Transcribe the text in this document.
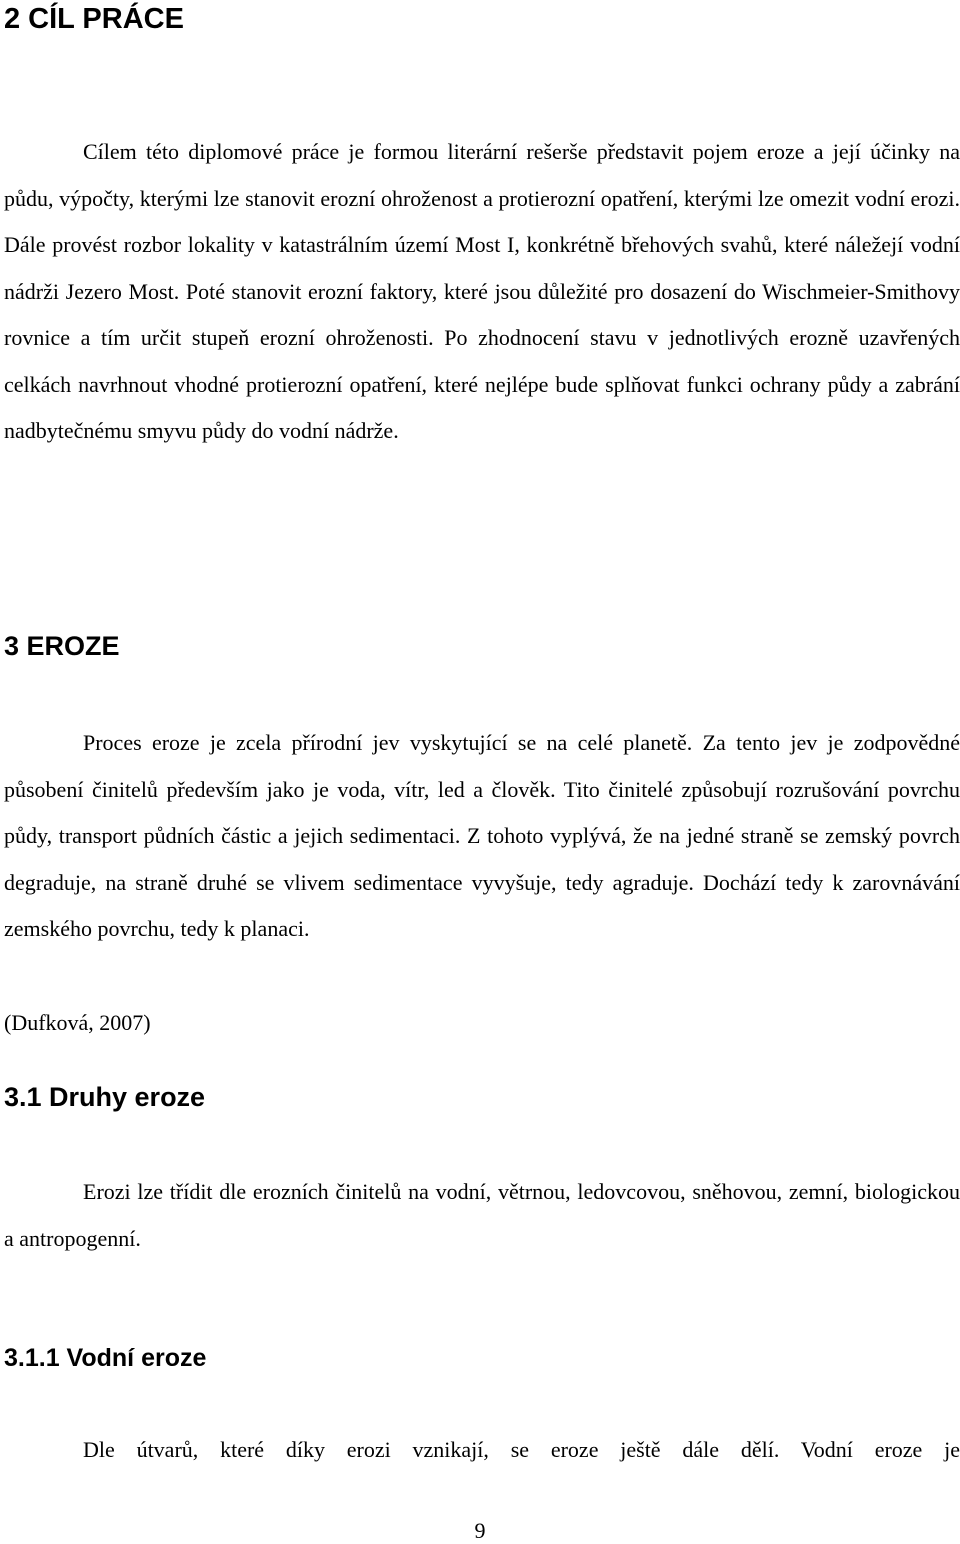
2 CÍL PRÁCE

Cílem této diplomové práce je formou literární rešerše představit pojem eroze a její účinky na půdu, výpočty, kterými lze stanovit erozní ohroženost a protierozní opatření, kterými lze omezit vodní erozi. Dále provést rozbor lokality v katastrálním území Most I, konkrétně břehových svahů, které náležejí vodní nádrži Jezero Most. Poté stanovit erozní faktory, které jsou důležité pro dosazení do Wischmeier-Smithovy rovnice a tím určit stupeň erozní ohroženosti. Po zhodnocení stavu v jednotlivých erozně uzavřených celkách navrhnout vhodné protierozní opatření, které nejlépe bude splňovat funkci ochrany půdy a zabrání nadbytečnému smyvu půdy do vodní nádrže.

3 EROZE

Proces eroze je zcela přírodní jev vyskytující se na celé planetě. Za tento jev je zodpovědné působení činitelů především jako je voda, vítr, led a člověk. Tito činitelé způsobují rozrušování povrchu půdy, transport půdních částic a jejich sedimentaci. Z tohoto vyplývá, že na jedné straně se zemský povrch degraduje, na straně druhé se vlivem sedimentace vyvyšuje, tedy agraduje. Dochází tedy k zarovnávání zemského povrchu, tedy k planaci.

(Dufková, 2007)
3.1 Druhy eroze

Erozi lze třídit dle erozních činitelů na vodní, větrnou, ledovcovou, sněhovou, zemní, biologickou a antropogenní.

3.1.1 Vodní eroze

Dle útvarů, které díky erozi vznikají, se eroze ještě dále dělí. Vodní eroze je

9
